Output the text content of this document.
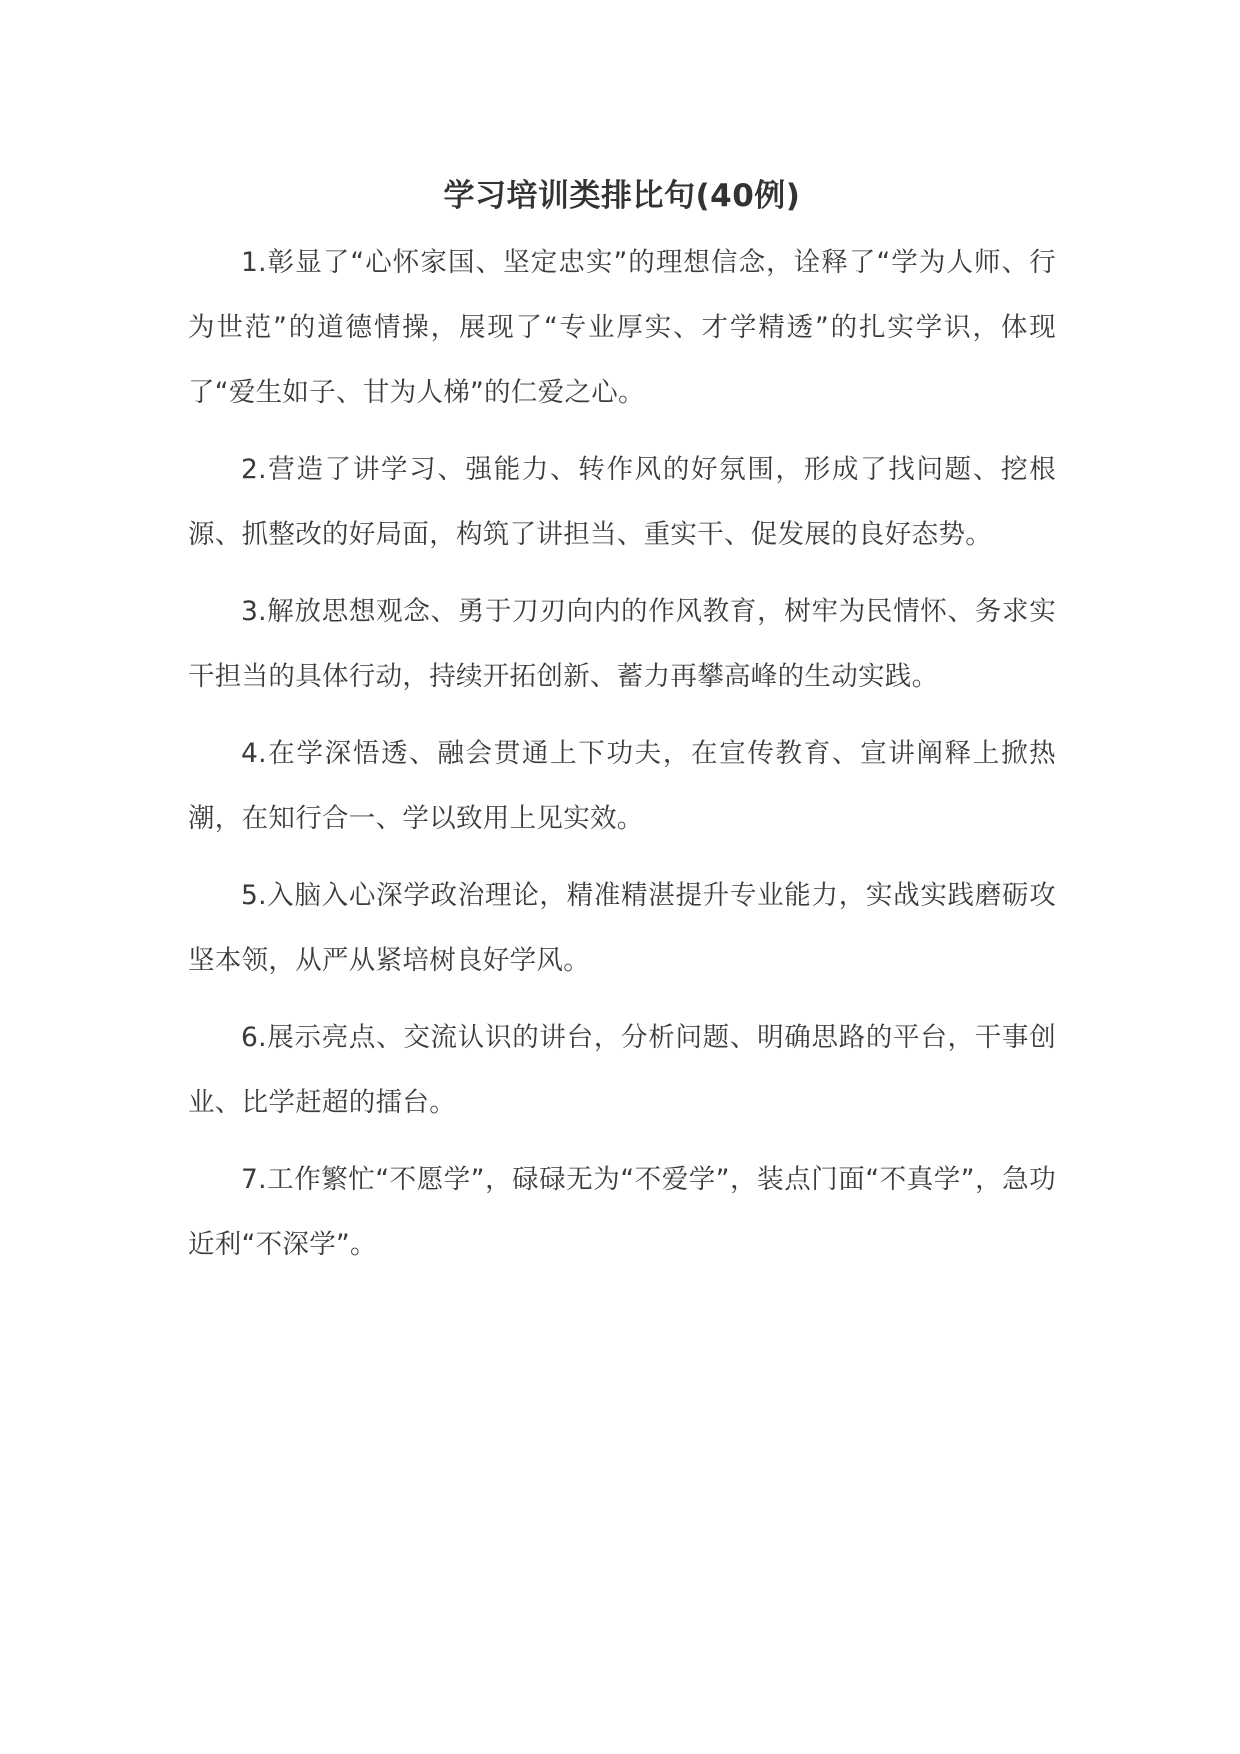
学习培训类排比句(40例)

1.彰显了“心怀家国、坚定忠实”的理想信念，诠释了“学为人师、行为世范”的道德情操，展现了“专业厚实、才学精透”的扎实学识，体现了“爱生如子、甘为人梯”的仁爱之心。

2.营造了讲学习、强能力、转作风的好氛围，形成了找问题、挖根源、抓整改的好局面，构筑了讲担当、重实干、促发展的良好态势。

3.解放思想观念、勇于刀刃向内的作风教育，树牢为民情怀、务求实干担当的具体行动，持续开拓创新、蓄力再攀高峰的生动实践。

4.在学深悟透、融会贯通上下功夫，在宣传教育、宣讲阐释上掀热潮，在知行合一、学以致用上见实效。

5.入脑入心深学政治理论，精准精湛提升专业能力，实战实践磨砺攻坚本领，从严从紧培树良好学风。

6.展示亮点、交流认识的讲台，分析问题、明确思路的平台，干事创业、比学赶超的擂台。

7.工作繁忙“不愿学”，碌碌无为“不爱学”，装点门面“不真学”，急功近利“不深学”。
